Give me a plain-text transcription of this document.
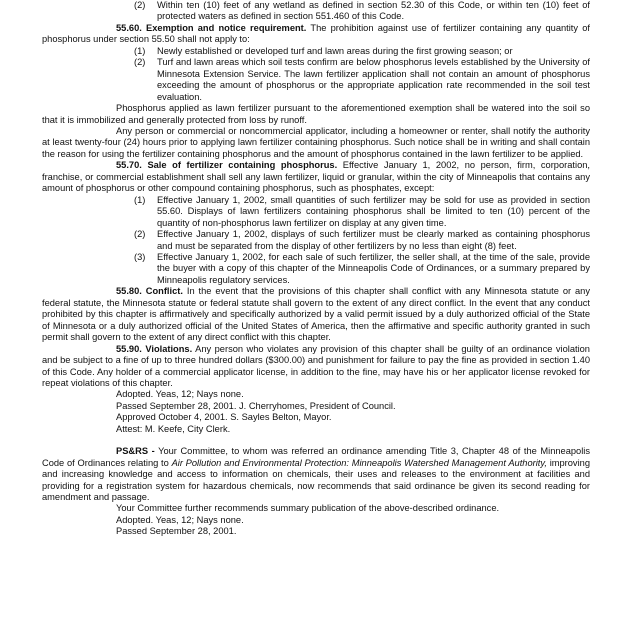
(2)	Within ten (10) feet of any wetland as defined in section 52.30 of this Code, or within ten (10) feet of protected waters as defined in section 551.460 of this Code.

55.60. Exemption and notice requirement. The prohibition against use of fertilizer containing any quantity of phosphorus under section 55.50 shall not apply to:

(1)	Newly established or developed turf and lawn areas during the first growing season; or
(2)	Turf and lawn areas which soil tests confirm are below phosphorus levels established by the University of Minnesota Extension Service. The lawn fertilizer application shall not contain an amount of phosphorus exceeding the amount of phosphorus or the appropriate application rate recommended in the soil test evaluation.

Phosphorus applied as lawn fertilizer pursuant to the aforementioned exemption shall be watered into the soil so that it is immobilized and generally protected from loss by runoff.

Any person or commercial or noncommercial applicator, including a homeowner or renter, shall notify the authority at least twenty-four (24) hours prior to applying lawn fertilizer containing phosphorus. Such notice shall be in writing and shall contain the reason for using the fertilizer containing phosphorus and the amount of phosphorus contained in the lawn fertilizer to be applied.

55.70. Sale of fertilizer containing phosphorus. Effective January 1, 2002, no person, firm, corporation, franchise, or commercial establishment shall sell any lawn fertilizer, liquid or granular, within the city of Minneapolis that contains any amount of phosphorus or other compound containing phosphorus, such as phosphates, except:

(1)	Effective January 1, 2002, small quantities of such fertilizer may be sold for use as provided in section 55.60. Displays of lawn fertilizers containing phosphorus shall be limited to ten (10) percent of the quantity of non-phosphorus lawn fertilizer on display at any given time.
(2)	Effective January 1, 2002, displays of such fertilizer must be clearly marked as containing phosphorus and must be separated from the display of other fertilizers by no less than eight (8) feet.
(3)	Effective January 1, 2002, for each sale of such fertilizer, the seller shall, at the time of the sale, provide the buyer with a copy of this chapter of the Minneapolis Code of Ordinances, or a summary prepared by Minneapolis regulatory services.

55.80. Conflict. In the event that the provisions of this chapter shall conflict with any Minnesota statute or any federal statute, the Minnesota statute or federal statute shall govern to the extent of any direct conflict. In the event that any conduct prohibited by this chapter is affirmatively and specifically authorized by a valid permit issued by a duly authorized official of the State of Minnesota or a duly authorized official of the United States of America, then the affirmative and specific authority granted in such permit shall govern to the extent of any direct conflict with this chapter.

55.90. Violations. Any person who violates any provision of this chapter shall be guilty of an ordinance violation and be subject to a fine of up to three hundred dollars ($300.00) and punishment for failure to pay the fine as provided in section 1.40 of this Code. Any holder of a commercial applicator license, in addition to the fine, may have his or her applicator license revoked for repeat violations of this chapter.

Adopted. Yeas, 12; Nays none.

Passed September 28, 2001. J. Cherryhomes, President of Council.

Approved October 4, 2001. S. Sayles Belton, Mayor.

Attest: M. Keefe, City Clerk.

PS&RS - Your Committee, to whom was referred an ordinance amending Title 3, Chapter 48 of the Minneapolis Code of Ordinances relating to Air Pollution and Environmental Protection: Minneapolis Watershed Management Authority, improving and increasing knowledge and access to information on chemicals, their uses and releases to the environment at facilities and providing for a registration system for hazardous chemicals, now recommends that said ordinance be given its second reading for amendment and passage.

Your Committee further recommends summary publication of the above-described ordinance.

Adopted. Yeas, 12; Nays none.

Passed September 28, 2001.
